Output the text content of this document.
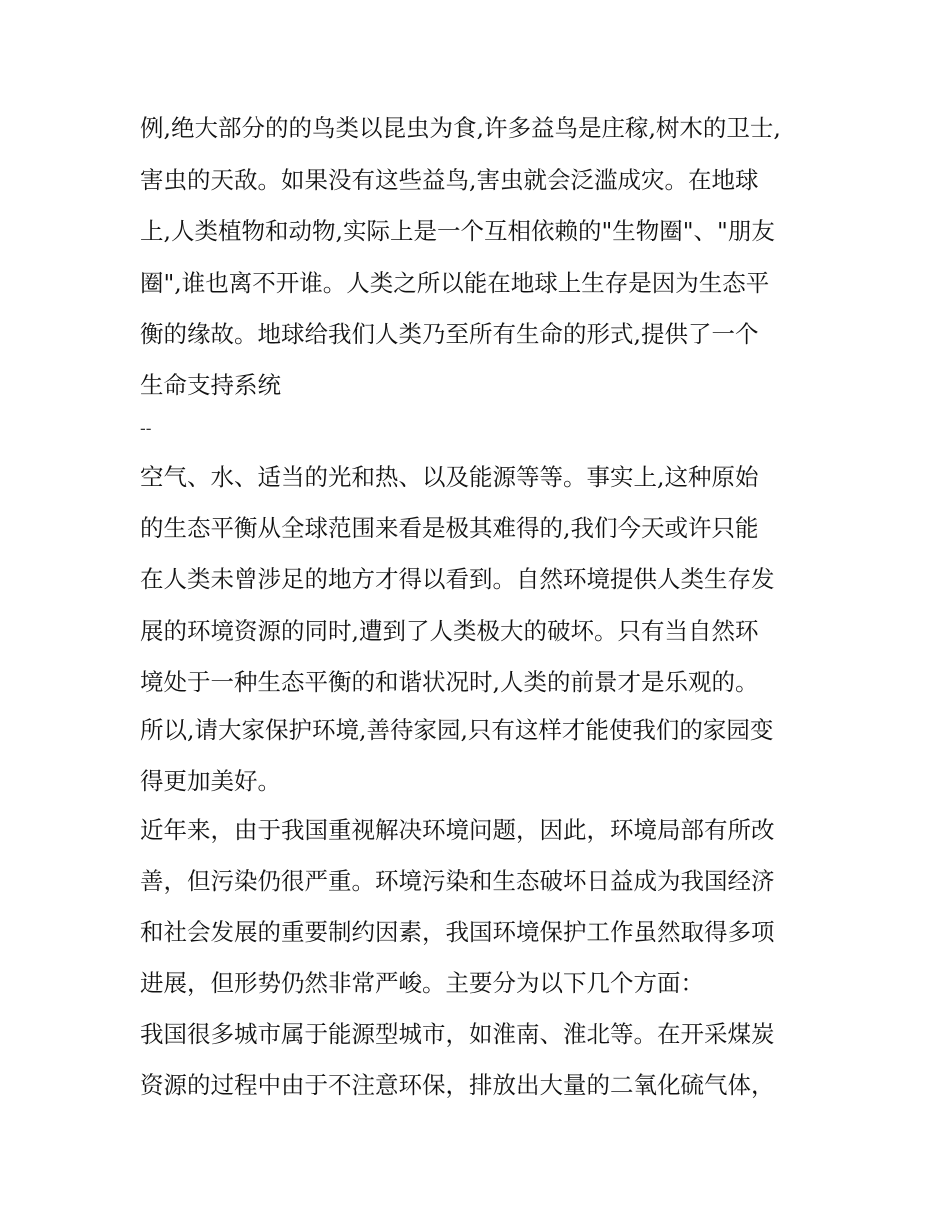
例,绝大部分的的鸟类以昆虫为食,许多益鸟是庄稼,树木的卫士,
害虫的天敌。如果没有这些益鸟,害虫就会泛滥成灾。在地球
上,人类植物和动物,实际上是一个互相依赖的"生物圈"、"朋友
圈",谁也离不开谁。人类之所以能在地球上生存是因为生态平
衡的缘故。地球给我们人类乃至所有生命的形式,提供了一个
生命支持系统
--
空气、水、适当的光和热、以及能源等等。事实上,这种原始
的生态平衡从全球范围来看是极其难得的,我们今天或许只能
在人类未曾涉足的地方才得以看到。自然环境提供人类生存发
展的环境资源的同时,遭到了人类极大的破坏。只有当自然环
境处于一种生态平衡的和谐状况时,人类的前景才是乐观的。
所以,请大家保护环境,善待家园,只有这样才能使我们的家园变
得更加美好。
近年来，由于我国重视解决环境问题，因此，环境局部有所改
善，但污染仍很严重。环境污染和生态破坏日益成为我国经济
和社会发展的重要制约因素，我国环境保护工作虽然取得多项
进展，但形势仍然非常严峻。主要分为以下几个方面：
我国很多城市属于能源型城市，如淮南、淮北等。在开采煤炭
资源的过程中由于不注意环保，排放出大量的二氧化硫气体，
